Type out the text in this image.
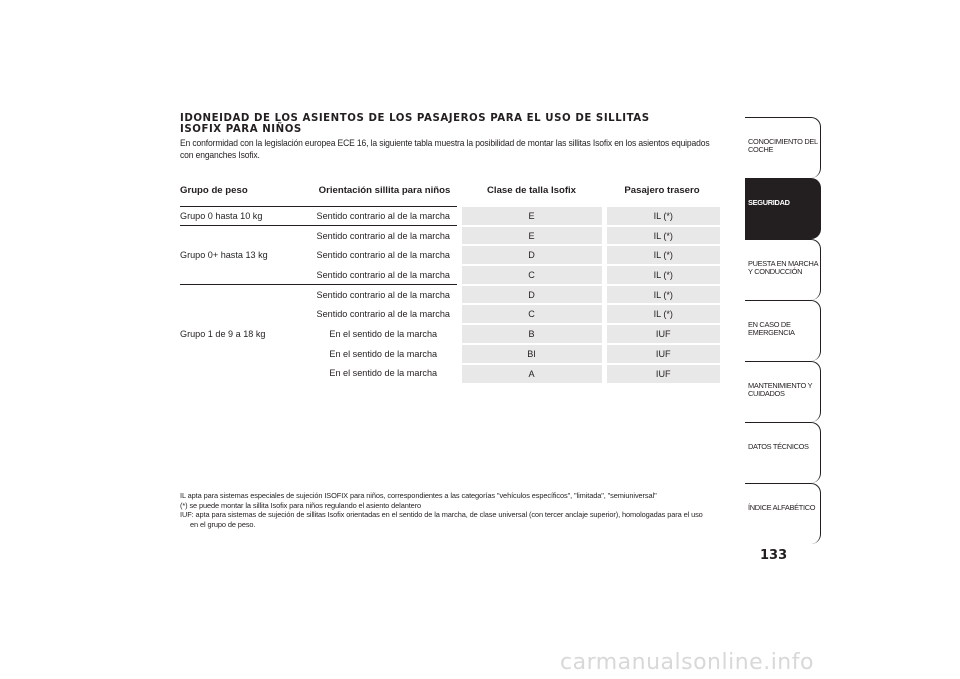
IDONEIDAD DE LOS ASIENTOS DE LOS PASAJEROS PARA EL USO DE SILLITAS
ISOFIX PARA NIÑOS

En conformidad con la legislación europea ECE 16, la siguiente tabla muestra la posibilidad de montar las sillitas Isofix en los asientos equipados con enganches Isofix.

Grupo de peso	Orientación sillita para niños	Clase de talla Isofix	Pasajero trasero
Grupo 0 hasta 10 kg	Sentido contrario al de la marcha	E	IL (*)
Grupo 0+ hasta 13 kg	Sentido contrario al de la marcha	E	IL (*)
	Sentido contrario al de la marcha	D	IL (*)
	Sentido contrario al de la marcha	C	IL (*)
Grupo 1 de 9 a 18 kg	Sentido contrario al de la marcha	D	IL (*)
	Sentido contrario al de la marcha	C	IL (*)
	En el sentido de la marcha	B	IUF
	En el sentido de la marcha	BI	IUF
	En el sentido de la marcha	A	IUF

IL apta para sistemas especiales de sujeción ISOFIX para niños, correspondientes a las categorías "vehículos específicos", "limitada", "semiuniversal"

(*) se puede montar la sillita Isofix para niños regulando el asiento delantero

IUF: apta para sistemas de sujeción de sillitas Isofix orientadas en el sentido de la marcha, de clase universal (con tercer anclaje superior), homologadas para el uso

en el grupo de peso.

CONOCIMIENTO DEL
COCHE
SEGURIDAD
PUESTA EN MARCHA
Y CONDUCCIÓN
EN CASO DE
EMERGENCIA
MANTENIMIENTO Y
CUIDADOS
DATOS TÉCNICOS
ÍNDICE ALFABÉTICO
133
carmanualsonline.info
